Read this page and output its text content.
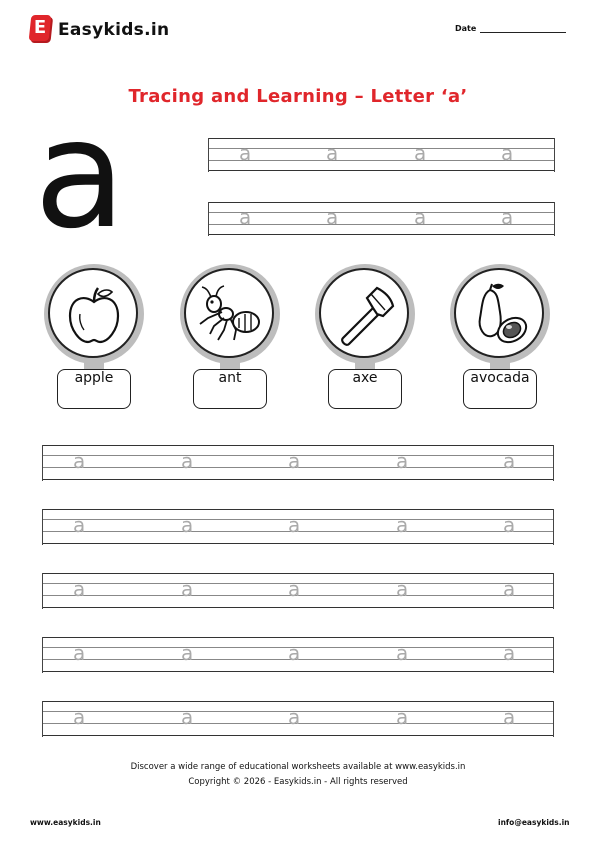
E Easykids.in	Date
Tracing and Learning – Letter ‘a’
a	a	a	a	a
a	a	a	a
apple	ant	axe	avocada
a	a	a	a	a
a	a	a	a	a
a	a	a	a	a
a	a	a	a	a
a	a	a	a	a
Discover a wide range of educational worksheets available at www.easykids.in
Copyright © 2026 - Easykids.in - All rights reserved
www.easykids.in	info@easykids.in
